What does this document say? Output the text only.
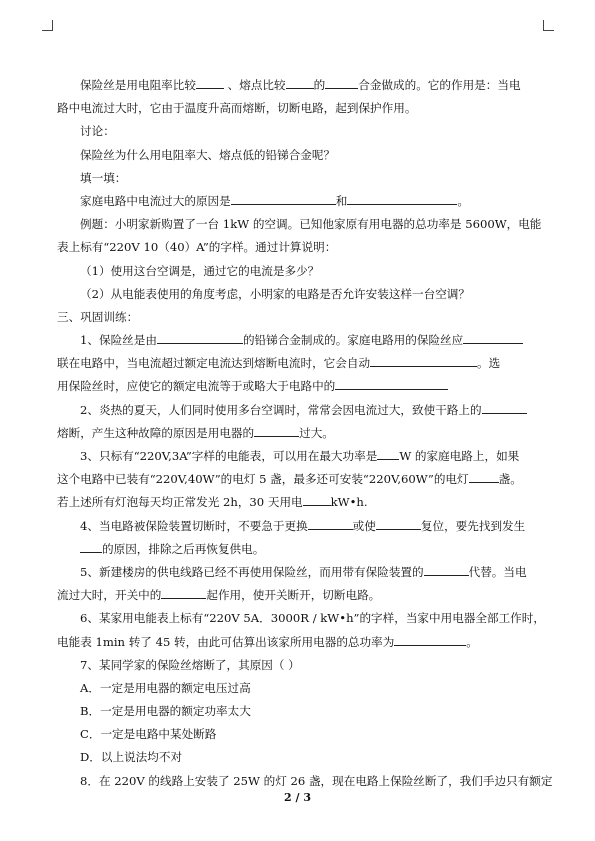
保险丝是用电阻率比较 、熔点比较 的	合金做成的。它的作用是：当电
路中电流过大时，它由于温度升高而熔断，切断电路，起到保护作用。
讨论：
保险丝为什么用电阻率大、熔点低的铅锑合金呢？
填一填：
家庭电路中电流过大的原因是	和	。
例题：小明家新购置了一台 1kW 的空调。已知他家原有用电器的总功率是 5600W，电能
表上标有“220V 10（40）A”的字样。通过计算说明：
（1）使用这台空调是，通过它的电流是多少？
（2）从电能表使用的角度考虑，小明家的电路是否允许安装这样一台空调？
三、巩固训练：
1、保险丝是由	的铅锑合金制成的。家庭电路用的保险丝应
联在电路中，当电流超过额定电流达到熔断电流时，它会自动	。选
用保险丝时，应使它的额定电流等于或略大于电路中的
2、炎热的夏天，人们同时使用多台空调时，常常会因电流过大，致使干路上的
熔断，产生这种故障的原因是用电器的	过大。
3、只标有“220V,3A”字样的电能表，可以用在最大功率是 W 的家庭电路上，如果
这个电路中已装有“220V,40W”的电灯 5 盏，最多还可安装“220V,60W”的电灯	盏。
若上述所有灯泡每天均正常发光 2h，30 天用电 kW•h.
4、当电路被保险装置切断时，不要急于更换	或使	复位，要先找到发生
的原因，排除之后再恢复供电。
5、新建楼房的供电线路已经不再使用保险丝，而用带有保险装置的	代替。当电
流过大时，开关中的	起作用，使开关断开，切断电路。
6、某家用电能表上标有“220V 5A．3000R / kW•h”的字样，当家中用电器全部工作时，
电能表 1min 转了 45 转，由此可估算出该家所用电器的总功率为	。
7、某同学家的保险丝熔断了，其原因（ ）
A．一定是用电器的额定电压过高
B．一定是用电器的额定功率太大
C．一定是电路中某处断路
D．以上说法均不对
8．在 220V 的线路上安装了 25W 的灯 26 盏，现在电路上保险丝断了，我们手边只有额定
2 / 3
